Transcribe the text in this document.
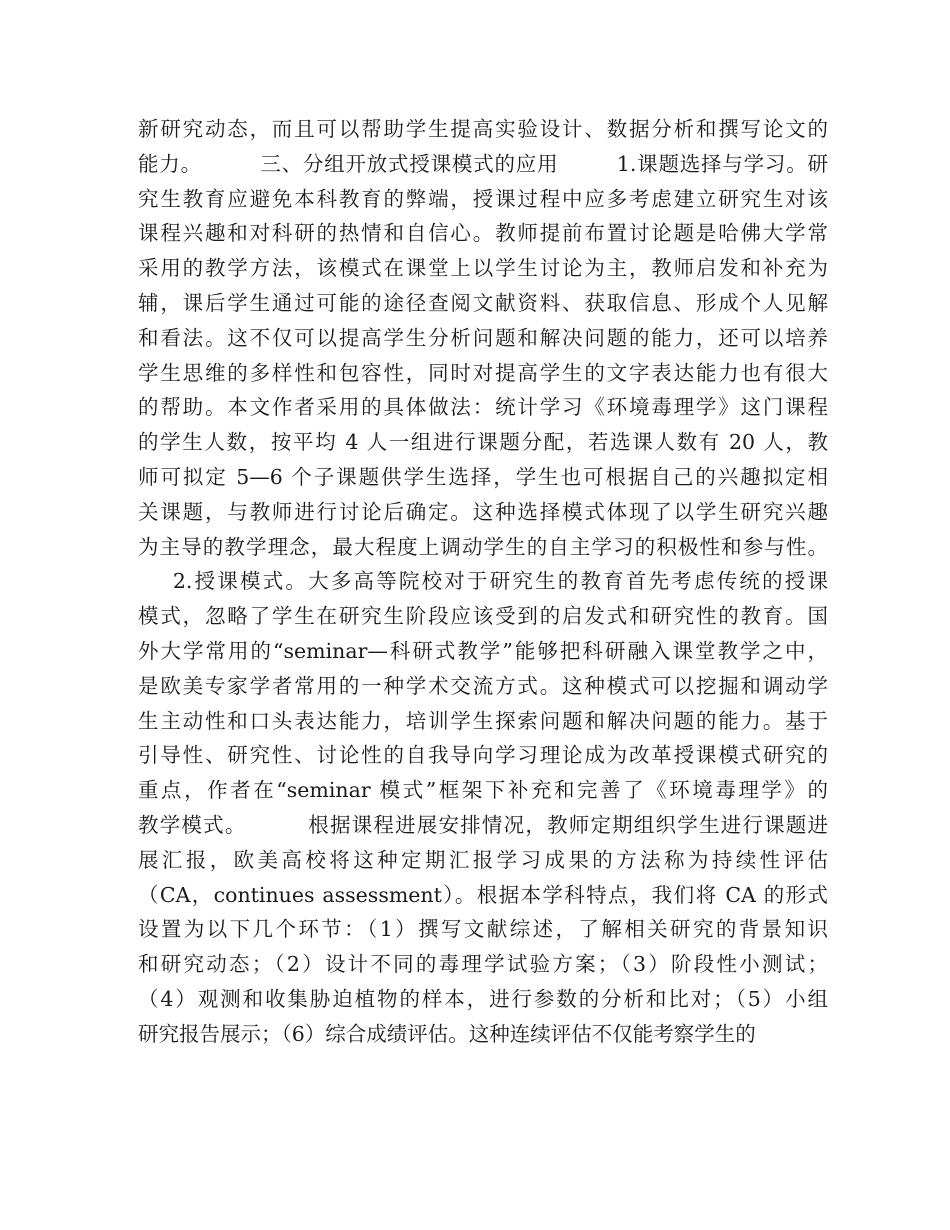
新研究动态，而且可以帮助学生提高实验设计、数据分析和撰写论文的
能力。        三、分组开放式授课模式的应用        1.课题选择与学习。研
究生教育应避免本科教育的弊端，授课过程中应多考虑建立研究生对该
课程兴趣和对科研的热情和自信心。教师提前布置讨论题是哈佛大学常
采用的教学方法，该模式在课堂上以学生讨论为主，教师启发和补充为
辅，课后学生通过可能的途径查阅文献资料、获取信息、形成个人见解
和看法。这不仅可以提高学生分析问题和解决问题的能力，还可以培养
学生思维的多样性和包容性，同时对提高学生的文字表达能力也有很大
的帮助。本文作者采用的具体做法：统计学习《环境毒理学》这门课程
的学生人数，按平均 4 人一组进行课题分配，若选课人数有 20 人，教
师可拟定 5—6 个子课题供学生选择，学生也可根据自己的兴趣拟定相
关课题，与教师进行讨论后确定。这种选择模式体现了以学生研究兴趣
为主导的教学理念，最大程度上调动学生的自主学习的积极性和参与性。
2.授课模式。大多高等院校对于研究生的教育首先考虑传统的授课
模式，忽略了学生在研究生阶段应该受到的启发式和研究性的教育。国
外大学常用的“seminar—科研式教学”能够把科研融入课堂教学之中，
是欧美专家学者常用的一种学术交流方式。这种模式可以挖掘和调动学
生主动性和口头表达能力，培训学生探索问题和解决问题的能力。基于
引导性、研究性、讨论性的自我导向学习理论成为改革授课模式研究的
重点，作者在“seminar 模式”框架下补充和完善了《环境毒理学》的
教学模式。        根据课程进展安排情况，教师定期组织学生进行课题进
展汇报，欧美高校将这种定期汇报学习成果的方法称为持续性评估
（CA，continues assessment）。根据本学科特点，我们将 CA 的形式
设置为以下几个环节：（1）撰写文献综述，了解相关研究的背景知识
和研究动态；（2）设计不同的毒理学试验方案；（3）阶段性小测试；
（4）观测和收集胁迫植物的样本，进行参数的分析和比对；（5）小组
研究报告展示；（6）综合成绩评估。这种连续评估不仅能考察学生的
